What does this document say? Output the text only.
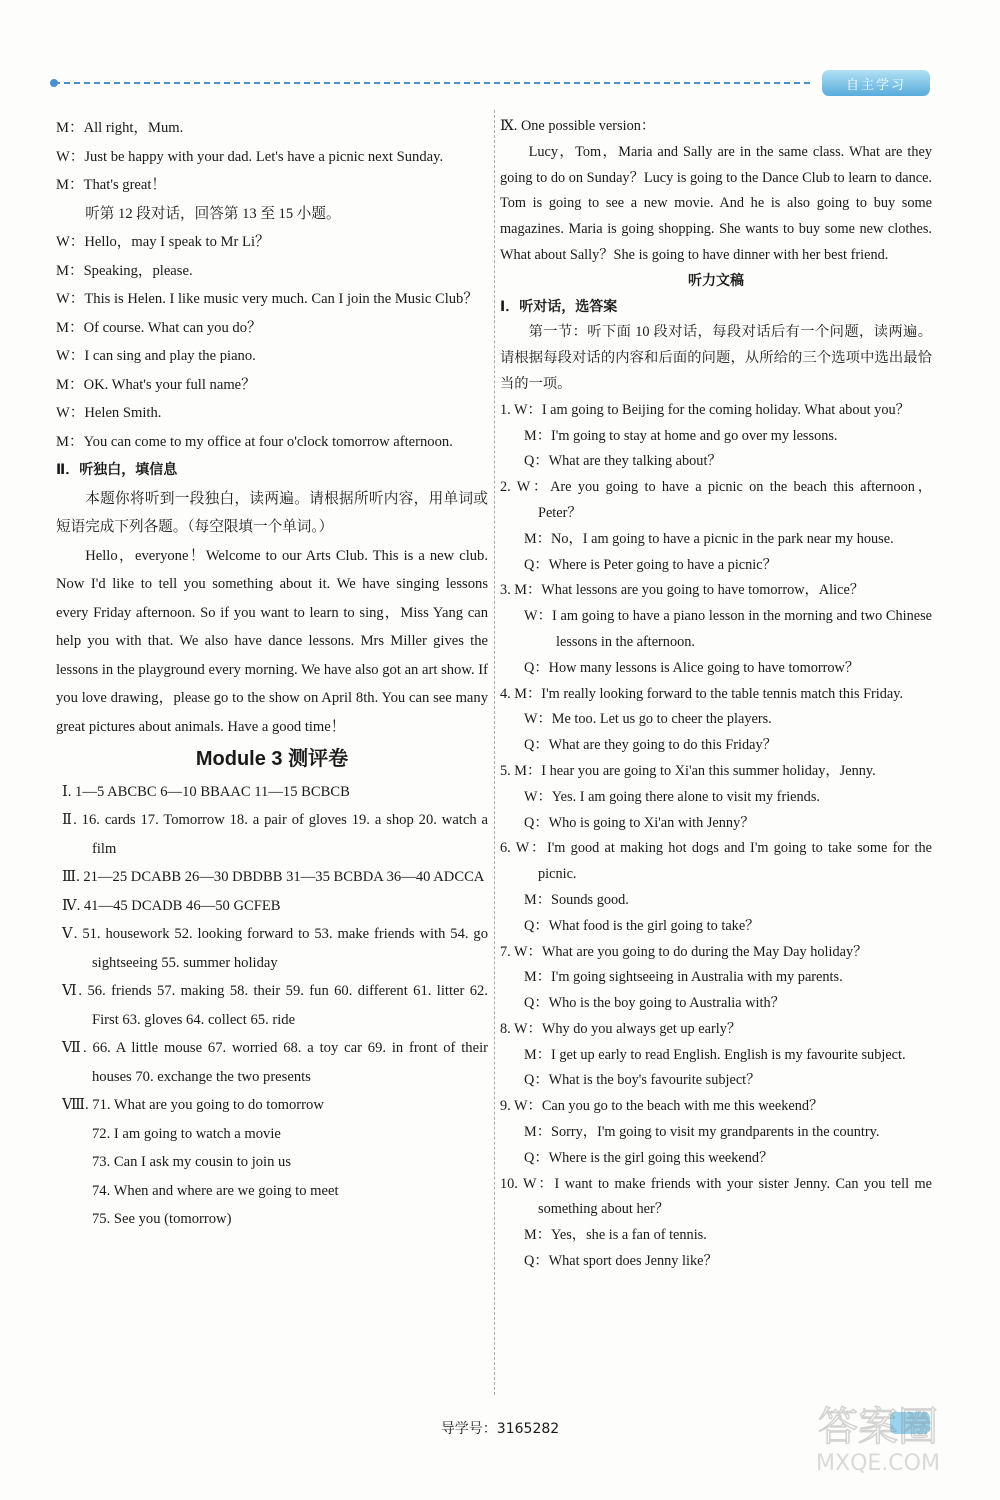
自主学习
M：All right，Mum.
W：Just be happy with your dad. Let's have a picnic next Sunday.
M：That's great！
听第 12 段对话，回答第 13 至 15 小题。
W：Hello，may I speak to Mr Li？
M：Speaking，please.
W：This is Helen. I like music very much. Can I join the Music Club？
M：Of course. What can you do？
W：I can sing and play the piano.
M：OK. What's your full name？
W：Helen Smith.
M：You can come to my office at four o'clock tomorrow afternoon.
Ⅱ．听独白，填信息
本题你将听到一段独白，读两遍。请根据所听内容，用单词或短语完成下列各题。（每空限填一个单词。）
Hello，everyone！Welcome to our Arts Club. This is a new club. Now I'd like to tell you something about it. We have singing lessons every Friday afternoon. So if you want to learn to sing，Miss Yang can help you with that. We also have dance lessons. Mrs Miller gives the lessons in the playground every morning. We have also got an art show. If you love drawing，please go to the show on April 8th. You can see many great pictures about animals. Have a good time！
Module 3 测评卷
Ⅰ. 1—5 ABCBC 6—10 BBAAC 11—15 BCBCB
Ⅱ. 16. cards 17. Tomorrow 18. a pair of gloves 19. a shop 20. watch a film
Ⅲ. 21—25 DCABB 26—30 DBDBB 31—35 BCBDA 36—40 ADCCA
Ⅳ. 41—45 DCADB 46—50 GCFEB
Ⅴ. 51. housework 52. looking forward to 53. make friends with 54. go sightseeing 55. summer holiday
Ⅵ. 56. friends 57. making 58. their 59. fun 60. different 61. litter 62. First 63. gloves 64. collect 65. ride
Ⅶ. 66. A little mouse 67. worried 68. a toy car 69. in front of their houses 70. exchange the two presents
Ⅷ. 71. What are you going to do tomorrow
72. I am going to watch a movie
73. Can I ask my cousin to join us
74. When and where are we going to meet
75. See you (tomorrow)
Ⅸ. One possible version：
Lucy，Tom，Maria and Sally are in the same class. What are they going to do on Sunday？Lucy is going to the Dance Club to learn to dance. Tom is going to see a new movie. And he is also going to buy some magazines. Maria is going shopping. She wants to buy some new clothes. What about Sally？She is going to have dinner with her best friend.
听力文稿
Ⅰ．听对话，选答案
第一节：听下面 10 段对话，每段对话后有一个问题，读两遍。请根据每段对话的内容和后面的问题，从所给的三个选项中选出最恰当的一项。
1. W：I am going to Beijing for the coming holiday. What about you？
M：I'm going to stay at home and go over my lessons.
Q：What are they talking about？
2. W：Are you going to have a picnic on the beach this afternoon，Peter？
M：No，I am going to have a picnic in the park near my house.
Q：Where is Peter going to have a picnic？
3. M：What lessons are you going to have tomorrow，Alice？
W：I am going to have a piano lesson in the morning and two Chinese lessons in the afternoon.
Q：How many lessons is Alice going to have tomorrow？
4. M：I'm really looking forward to the table tennis match this Friday.
W：Me too. Let us go to cheer the players.
Q：What are they going to do this Friday？
5. M：I hear you are going to Xi'an this summer holiday，Jenny.
W：Yes. I am going there alone to visit my friends.
Q：Who is going to Xi'an with Jenny？
6. W：I'm good at making hot dogs and I'm going to take some for the picnic.
M：Sounds good.
Q：What food is the girl going to take？
7. W：What are you going to do during the May Day holiday？
M：I'm going sightseeing in Australia with my parents.
Q：Who is the boy going to Australia with？
8. W：Why do you always get up early？
M：I get up early to read English. English is my favourite subject.
Q：What is the boy's favourite subject？
9. W：Can you go to the beach with me this weekend？
M：Sorry，I'm going to visit my grandparents in the country.
Q：Where is the girl going this weekend？
10. W：I want to make friends with your sister Jenny. Can you tell me something about her？
M：Yes，she is a fan of tennis.
Q：What sport does Jenny like？
导学号：3165282	答案圈
MXQE.COM
